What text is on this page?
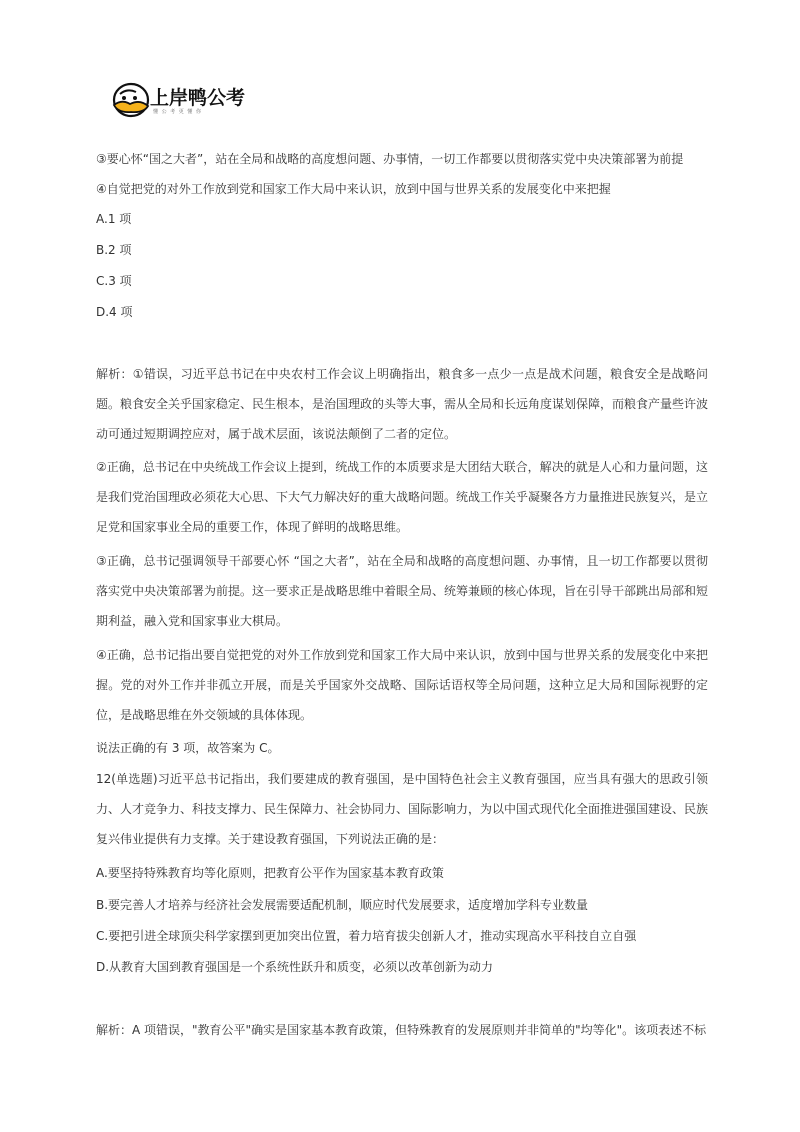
上岸鸭公考
懂 公 考 更 懂 你
③要心怀“国之大者”，站在全局和战略的高度想问题、办事情，一切工作都要以贯彻落实党中央决策部署为前提
④自觉把党的对外工作放到党和国家工作大局中来认识，放到中国与世界关系的发展变化中来把握
A.1 项
B.2 项
C.3 项
D.4 项
解析：①错误，习近平总书记在中央农村工作会议上明确指出，粮食多一点少一点是战术问题，粮食安全是战略问题。粮食安全关乎国家稳定、民生根本，是治国理政的头等大事，需从全局和长远角度谋划保障，而粮食产量些许波动可通过短期调控应对，属于战术层面，该说法颠倒了二者的定位。
②正确，总书记在中央统战工作会议上提到，统战工作的本质要求是大团结大联合，解决的就是人心和力量问题，这是我们党治国理政必须花大心思、下大气力解决好的重大战略问题。统战工作关乎凝聚各方力量推进民族复兴，是立足党和国家事业全局的重要工作，体现了鲜明的战略思维。
③正确，总书记强调领导干部要心怀 “国之大者”，站在全局和战略的高度想问题、办事情，且一切工作都要以贯彻落实党中央决策部署为前提。这一要求正是战略思维中着眼全局、统筹兼顾的核心体现，旨在引导干部跳出局部和短期利益，融入党和国家事业大棋局。
④正确，总书记指出要自觉把党的对外工作放到党和国家工作大局中来认识，放到中国与世界关系的发展变化中来把握。党的对外工作并非孤立开展，而是关乎国家外交战略、国际话语权等全局问题，这种立足大局和国际视野的定位，是战略思维在外交领域的具体体现。
说法正确的有 3 项，故答案为 C。
12(单选题)习近平总书记指出，我们要建成的教育强国，是中国特色社会主义教育强国，应当具有强大的思政引领力、人才竞争力、科技支撑力、民生保障力、社会协同力、国际影响力，为以中国式现代化全面推进强国建设、民族复兴伟业提供有力支撑。关于建设教育强国，下列说法正确的是：
A.要坚持特殊教育均等化原则，把教育公平作为国家基本教育政策
B.要完善人才培养与经济社会发展需要适配机制，顺应时代发展要求，适度增加学科专业数量
C.要把引进全球顶尖科学家摆到更加突出位置，着力培育拔尖创新人才，推动实现高水平科技自立自强
D.从教育大国到教育强国是一个系统性跃升和质变，必须以改革创新为动力
解析：A 项错误，"教育公平"确实是国家基本教育政策，但特殊教育的发展原则并非简单的"均等化"。该项表述不标
